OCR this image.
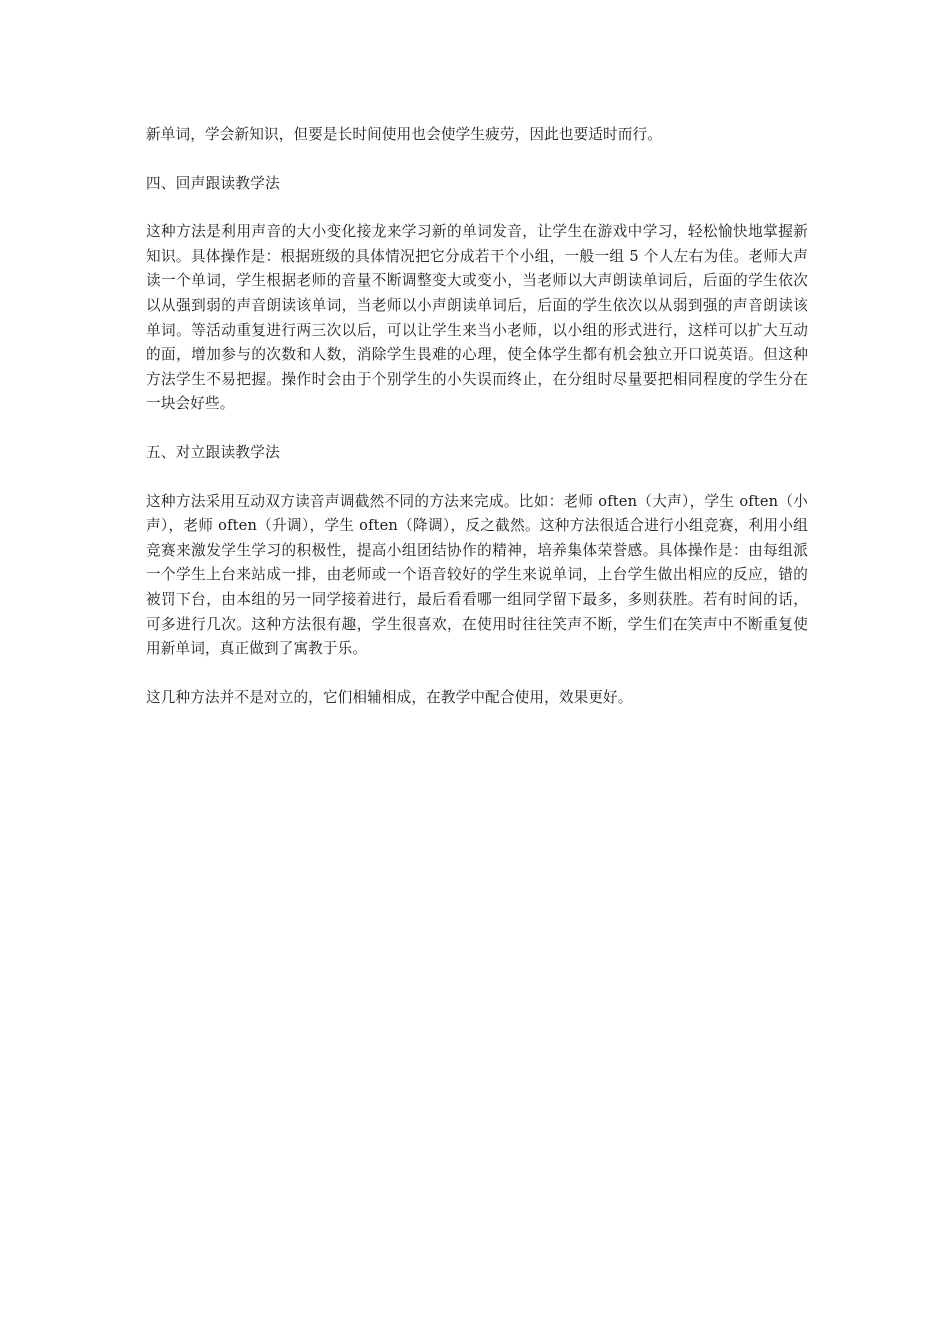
新单词，学会新知识，但要是长时间使用也会使学生疲劳，因此也要适时而行。

四、回声跟读教学法

这种方法是利用声音的大小变化接龙来学习新的单词发音，让学生在游戏中学习，轻松愉快地掌握新知识。具体操作是：根据班级的具体情况把它分成若干个小组，一般一组 5 个人左右为佳。老师大声读一个单词，学生根据老师的音量不断调整变大或变小，当老师以大声朗读单词后，后面的学生依次以从强到弱的声音朗读该单词，当老师以小声朗读单词后，后面的学生依次以从弱到强的声音朗读该单词。等活动重复进行两三次以后，可以让学生来当小老师，以小组的形式进行，这样可以扩大互动的面，增加参与的次数和人数，消除学生畏难的心理，使全体学生都有机会独立开口说英语。但这种方法学生不易把握。操作时会由于个别学生的小失误而终止，在分组时尽量要把相同程度的学生分在一块会好些。

五、对立跟读教学法

这种方法采用互动双方读音声调截然不同的方法来完成。比如：老师 often（大声），学生 often（小声），老师 often（升调），学生 often（降调），反之截然。这种方法很适合进行小组竞赛，利用小组竞赛来激发学生学习的积极性，提高小组团结协作的精神，培养集体荣誉感。具体操作是：由每组派一个学生上台来站成一排，由老师或一个语音较好的学生来说单词，上台学生做出相应的反应，错的被罚下台，由本组的另一同学接着进行，最后看看哪一组同学留下最多，多则获胜。若有时间的话，可多进行几次。这种方法很有趣，学生很喜欢，在使用时往往笑声不断，学生们在笑声中不断重复使用新单词，真正做到了寓教于乐。

这几种方法并不是对立的，它们相辅相成，在教学中配合使用，效果更好。
